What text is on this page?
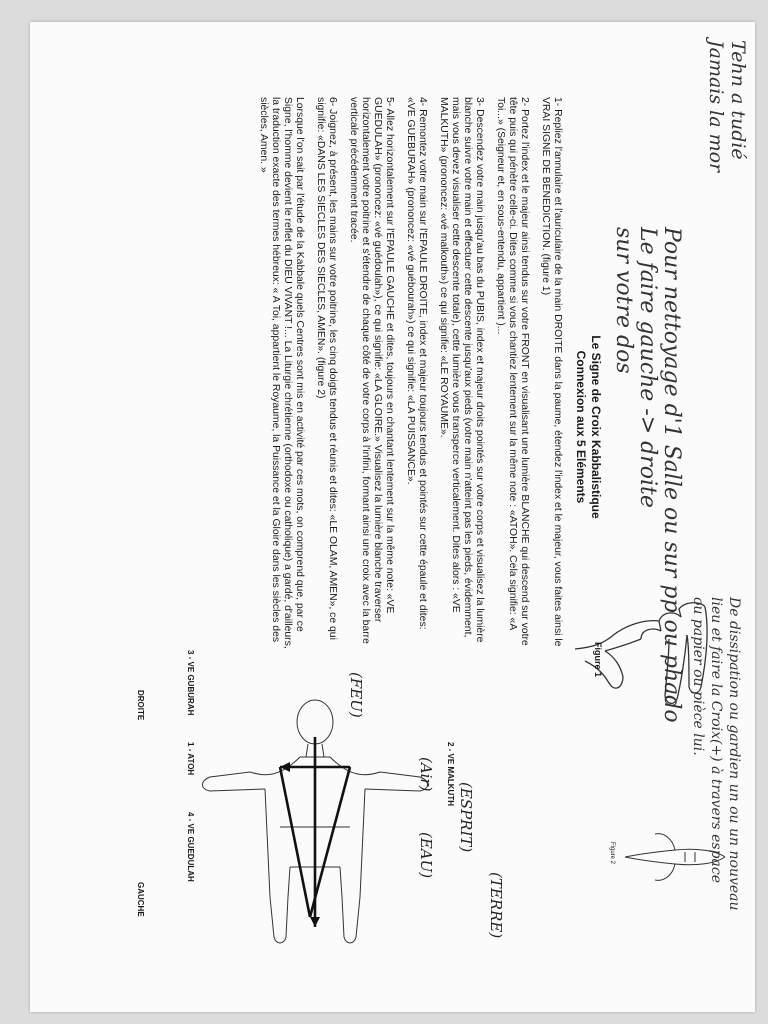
Tehn a tudié
Jamais la mor
Pour nettoyage d'1 Salle ou sur pp ou phado
Le faire gauche -> droite
sur votre dos
De dissipation ou gardien un ou un nouveau
lieu et faire la Croix(+) à travers espace
ou papier ou pièce lui.
Le Signe de Croix Kabbalistique
Connexion aux 5 Eléments

1- Repliez l'annulaire et l'auriculaire de la main DROITE dans la paume, étendez l'index et le majeur, vous faites ainsi le VRAI SIGNE DE BENEDICTION. (figure 1)

2- Portez l'index et le majeur ainsi tendus sur votre FRONT en visualisant une lumière BLANCHE qui descend sur votre tête puis qui pénètre celle-ci. Dites comme si vous chantiez lentement sur la même note : «ATOH». Cela signifie: «A Toi...» (Seigneur et, en sous-entendu, appartient )...

3- Descendez votre main jusqu'au bas du PUBIS, index et majeur droits pointés sur votre corps et visualisez la lumière blanche suivre votre main et effectuer cette descente jusqu'aux pieds (votre main n'atteint pas les pieds, évidemment, mais vous devez visualiser cette descente totale), cette lumière vous transperce verticalement. Dites alors : «VE MALKUTH» (prononcez: «vé malkouth») ce qui signifie: «LE ROYAUME».

4- Remontez votre main sur l'EPAULE DROITE, index et majeur toujours tendus et pointés sur cette épaule et dites: «VE GUEBURAH» (prononcez: «vé guébourah») ce qui signifie: «LA PUISSANCE».

5- Allez horizontalement sur l'EPAULE GAUCHE et dites, toujours en chantant lentement sur la même note: «VE GUEDULAH» (prononcez: «vé guédoulah»), ce qui signifie: «LA GLOIRE.» Visualisez la lumière blanche traverser horizontalement votre poitrine et s'étendre de chaque côté de votre corps à l'infini, formant ainsi une croix avec la barre verticale précédemment tracée.

6- Joignez, à présent, les mains sur votre poitrine, les cinq doigts tendus et réunis et dites: «LE OLAM, AMEN», ce qui signifie: «DANS LES SIECLES DES SIECLES, AMEN». (figure 2)

Lorsque l'on sait par l'étude de la Kabbale quels Centres sont mis en activité par ces mots, on comprend que, par ce Signe, l'homme devient le reflet du DIEU VIVANT !... La Liturgie chrétienne (orthodoxe ou catholique) a gardé, d'ailleurs, la traduction exacte des termes hébreux: « A Toi, appartient le Royaume, la Puissance et la Gloire dans les siècles des siècles, Amen. »

Figure 1
1 - ATOH	2 - VE MALKUTH
3 - VE GUBURAH
4 - VE GUEDULAH
DROITE
GAUCHE
(ESPRIT)
(FEU)
(Air)
(EAU)
(TERRE)
Figure 2
